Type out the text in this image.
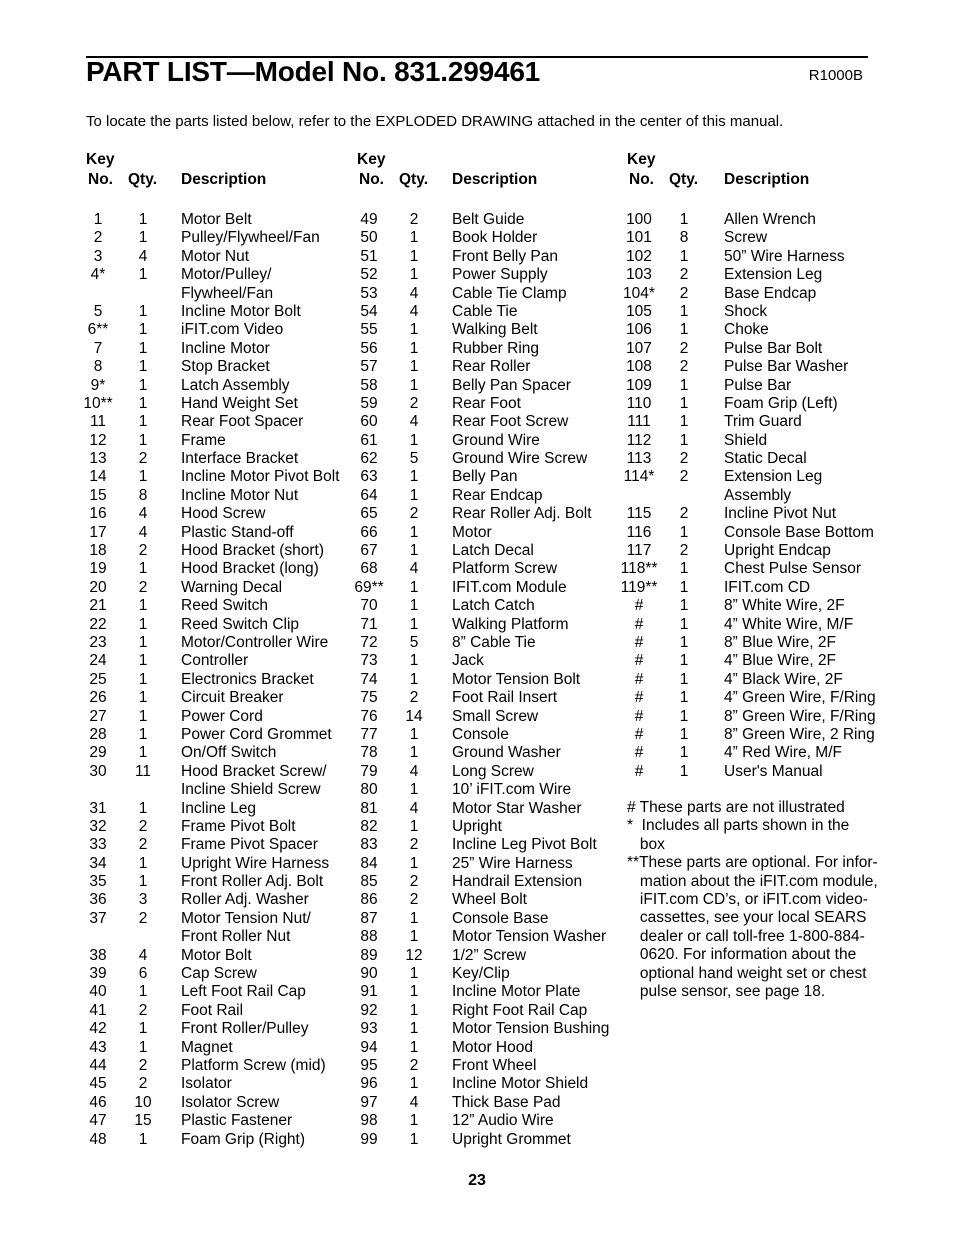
PART LIST—Model No. 831.299461	R1000B
To locate the parts listed below, refer to the EXPLODED DRAWING attached in the center of this manual.
Key
No. Qty. Description
1	1	Motor Belt
2	1	Pulley/Flywheel/Fan
3	4	Motor Nut
4*	1	Motor/Pulley/
Flywheel/Fan
5	1	Incline Motor Bolt
6**	1	iFIT.com Video
7	1	Incline Motor
8	1	Stop Bracket
9*	1	Latch Assembly
10**	1	Hand Weight Set
11	1	Rear Foot Spacer
12	1	Frame
13	2	Interface Bracket
14	1	Incline Motor Pivot Bolt
15	8	Incline Motor Nut
16	4	Hood Screw
17	4	Plastic Stand-off
18	2	Hood Bracket (short)
19	1	Hood Bracket (long)
20	2	Warning Decal
21	1	Reed Switch
22	1	Reed Switch Clip
23	1	Motor/Controller Wire
24	1	Controller
25	1	Electronics Bracket
26	1	Circuit Breaker
27	1	Power Cord
28	1	Power Cord Grommet
29	1	On/Off Switch
30	11	Hood Bracket Screw/
Incline Shield Screw
31	1	Incline Leg
32	2	Frame Pivot Bolt
33	2	Frame Pivot Spacer
34	1	Upright Wire Harness
35	1	Front Roller Adj. Bolt
36	3	Roller Adj. Washer
37	2	Motor Tension Nut/
Front Roller Nut
38	4	Motor Bolt
39	6	Cap Screw
40	1	Left Foot Rail Cap
41	2	Foot Rail
42	1	Front Roller/Pulley
43	1	Magnet
44	2	Platform Screw (mid)
45	2	Isolator
46	10 Isolator Screw
47	15 Plastic Fastener
48	1	Foam Grip (Right)
Key
No. Qty. Description
49	2	Belt Guide
50	1	Book Holder
51	1	Front Belly Pan
52	1	Power Supply
53	4	Cable Tie Clamp
54	4	Cable Tie
55	1	Walking Belt
56	1	Rubber Ring
57	1	Rear Roller
58	1	Belly Pan Spacer
59	2	Rear Foot
60	4	Rear Foot Screw
61	1	Ground Wire
62	5	Ground Wire Screw
63	1	Belly Pan
64	1	Rear Endcap
65	2	Rear Roller Adj. Bolt
66	1	Motor
67	1	Latch Decal
68	4	Platform Screw
69**	1	IFIT.com Module
70	1	Latch Catch
71	1	Walking Platform
72	5	8” Cable Tie
73	1	Jack
74	1	Motor Tension Bolt
75	2	Foot Rail Insert
76	14 Small Screw
77	1	Console
78	1	Ground Washer
79	4	Long Screw
80	1	10’ iFIT.com Wire
81	4	Motor Star Washer
82	1	Upright
83	2	Incline Leg Pivot Bolt
84	1	25” Wire Harness
85	2	Handrail Extension
86	2	Wheel Bolt
87	1	Console Base
88	1	Motor Tension Washer
89	12 1/2” Screw
90	1	Key/Clip
91	1	Incline Motor Plate
92	1	Right Foot Rail Cap
93	1	Motor Tension Bushing
94	1	Motor Hood
95	2	Front Wheel
96	1	Incline Motor Shield
97	4	Thick Base Pad
98	1	12” Audio Wire
99	1	Upright Grommet
Key
No. Qty. Description
100	1	Allen Wrench
101	8	Screw
102	1	50” Wire Harness
103	2	Extension Leg
104*	2	Base Endcap
105	1	Shock
106	1	Choke
107	2	Pulse Bar Bolt
108	2	Pulse Bar Washer
109	1	Pulse Bar
110	1	Foam Grip (Left)
111	1	Trim Guard
112	1	Shield
113	2	Static Decal
114*	2	Extension Leg
Assembly
115	2	Incline Pivot Nut
116	1	Console Base Bottom
117	2	Upright Endcap
118**	1	Chest Pulse Sensor
119**	1	IFIT.com CD
#	1	8” White Wire, 2F
#	1	4” White Wire, M/F
#	1	8” Blue Wire, 2F
#	1	4” Blue Wire, 2F
#	1	4” Black Wire, 2F
#	1	4” Green Wire, F/Ring
#	1	8” Green Wire, F/Ring
#	1	8” Green Wire, 2 Ring
#	1	4” Red Wire, M/F
#	1	User's Manual
# These parts are not illustrated
*  Includes all parts shown in the
box
**These parts are optional. For infor-
mation about the iFIT.com module,
iFIT.com CD’s, or iFIT.com video-
cassettes, see your local SEARS
dealer or call toll-free 1-800-884-
0620. For information about the
optional hand weight set or chest
pulse sensor, see page 18.
23
